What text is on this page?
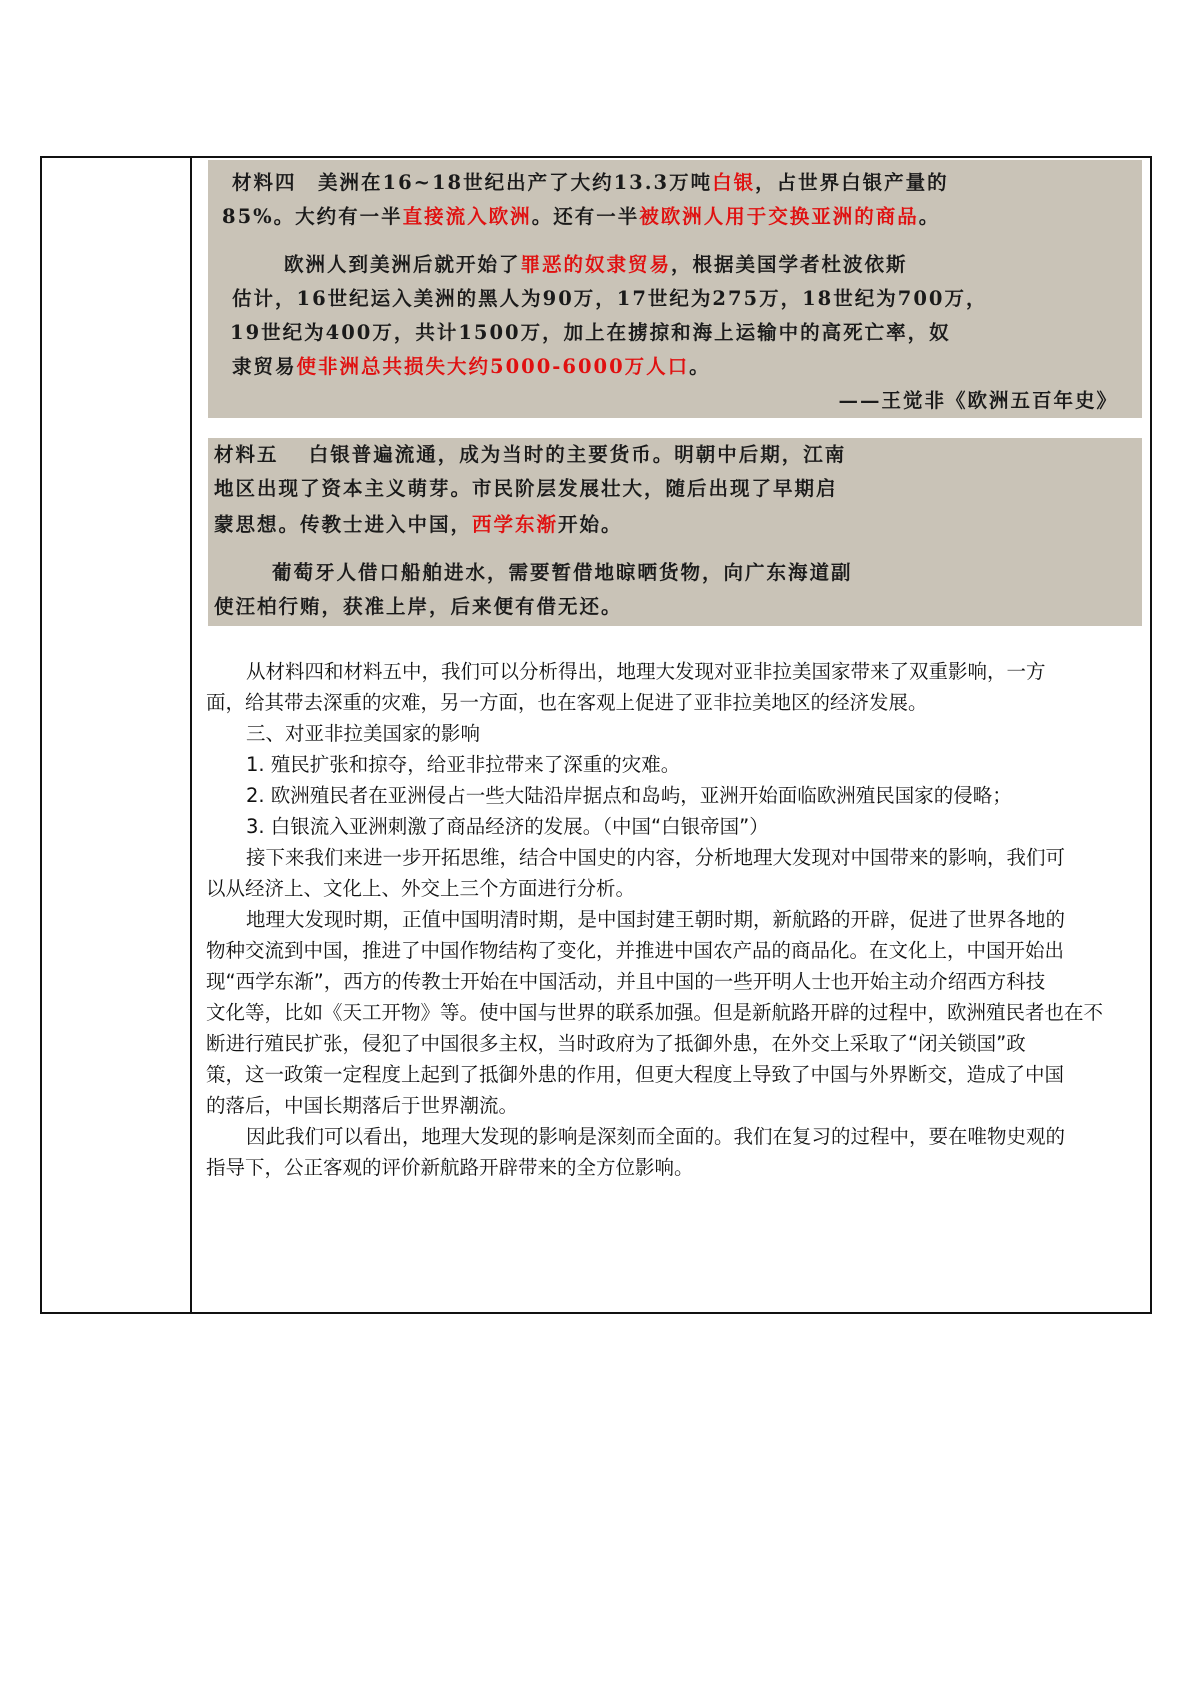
材料四　美洲在16~18世纪出产了大约13.3万吨白银，占世界白银产量的

85%。大约有一半直接流入欧洲。还有一半被欧洲人用于交换亚洲的商品。

欧洲人到美洲后就开始了罪恶的奴隶贸易，根据美国学者杜波依斯

估计，16世纪运入美洲的黑人为90万，17世纪为275万，18世纪为700万，

19世纪为400万，共计1500万，加上在掳掠和海上运输中的高死亡率，奴

隶贸易使非洲总共损失大约5000-6000万人口。

——王觉非《欧洲五百年史》

材料五　 白银普遍流通，成为当时的主要货币。明朝中后期，江南

地区出现了资本主义萌芽。市民阶层发展壮大，随后出现了早期启

蒙思想。传教士进入中国，西学东渐开始。

葡萄牙人借口船舶进水，需要暂借地晾晒货物，向广东海道副

使汪柏行贿，获准上岸，后来便有借无还。

从材料四和材料五中，我们可以分析得出，地理大发现对亚非拉美国家带来了双重影响，一方

面，给其带去深重的灾难，另一方面，也在客观上促进了亚非拉美地区的经济发展。

三、对亚非拉美国家的影响

1. 殖民扩张和掠夺，给亚非拉带来了深重的灾难。

2. 欧洲殖民者在亚洲侵占一些大陆沿岸据点和岛屿，亚洲开始面临欧洲殖民国家的侵略；

3. 白银流入亚洲刺激了商品经济的发展。（中国“白银帝国”）

接下来我们来进一步开拓思维，结合中国史的内容，分析地理大发现对中国带来的影响，我们可

以从经济上、文化上、外交上三个方面进行分析。

地理大发现时期，正值中国明清时期，是中国封建王朝时期，新航路的开辟，促进了世界各地的

物种交流到中国，推进了中国作物结构了变化，并推进中国农产品的商品化。在文化上，中国开始出

现“西学东渐”，西方的传教士开始在中国活动，并且中国的一些开明人士也开始主动介绍西方科技

文化等，比如《天工开物》等。使中国与世界的联系加强。但是新航路开辟的过程中，欧洲殖民者也在不

断进行殖民扩张，侵犯了中国很多主权，当时政府为了抵御外患，在外交上采取了“闭关锁国”政

策，这一政策一定程度上起到了抵御外患的作用，但更大程度上导致了中国与外界断交，造成了中国

的落后，中国长期落后于世界潮流。

因此我们可以看出，地理大发现的影响是深刻而全面的。我们在复习的过程中，要在唯物史观的

指导下，公正客观的评价新航路开辟带来的全方位影响。
